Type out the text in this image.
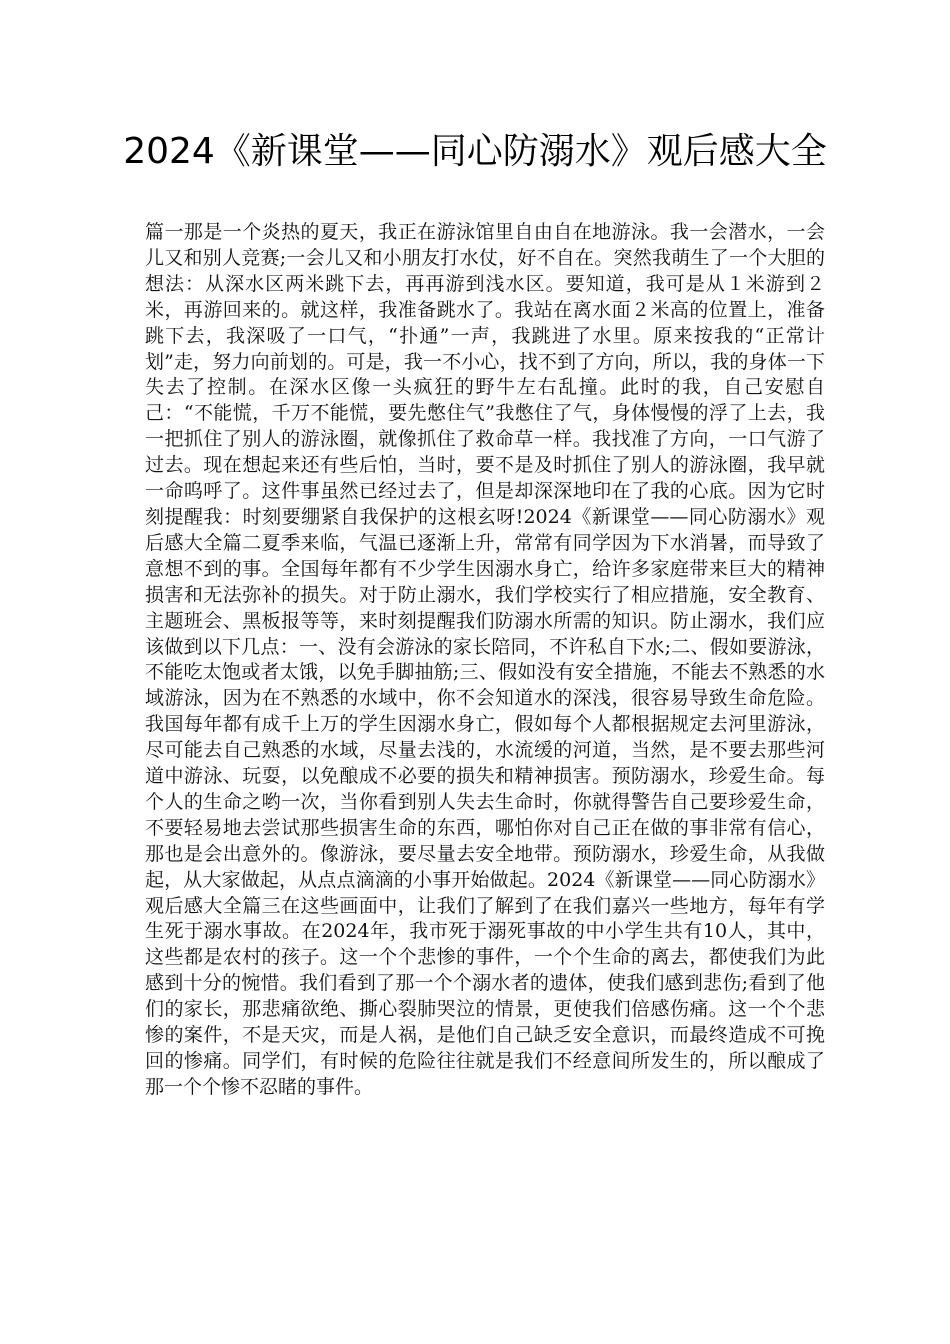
2024《新课堂——同心防溺水》观后感大全

篇一那是一个炎热的夏天，我正在游泳馆里自由自在地游泳。我一会潜水，一会儿又和别人竞赛;一会儿又和小朋友打水仗，好不自在。突然我萌生了一个大胆的想法：从深水区两米跳下去，再再游到浅水区。要知道，我可是从１米游到２米，再游回来的。就这样，我准备跳水了。我站在离水面２米高的位置上，准备跳下去，我深吸了一口气，“扑通”一声，我跳进了水里。原来按我的“正常计划”走，努力向前划的。可是，我一不小心，找不到了方向，所以，我的身体一下失去了控制。在深水区像一头疯狂的野牛左右乱撞。此时的我，自己安慰自己：“不能慌，千万不能慌，要先憋住气”我憋住了气，身体慢慢的浮了上去，我一把抓住了别人的游泳圈，就像抓住了救命草一样。我找准了方向，一口气游了过去。现在想起来还有些后怕，当时，要不是及时抓住了别人的游泳圈，我早就一命呜呼了。这件事虽然已经过去了，但是却深深地印在了我的心底。因为它时刻提醒我：时刻要绷紧自我保护的这根玄呀!2024《新课堂——同心防溺水》观后感大全篇二夏季来临，气温已逐渐上升，常常有同学因为下水消暑，而导致了意想不到的事。全国每年都有不少学生因溺水身亡，给许多家庭带来巨大的精神损害和无法弥补的损失。对于防止溺水，我们学校实行了相应措施，安全教育、主题班会、黑板报等等，来时刻提醒我们防溺水所需的知识。防止溺水，我们应该做到以下几点：一、没有会游泳的家长陪同，不许私自下水;二、假如要游泳，不能吃太饱或者太饿，以免手脚抽筋;三、假如没有安全措施，不能去不熟悉的水域游泳，因为在不熟悉的水域中，你不会知道水的深浅，很容易导致生命危险。我国每年都有成千上万的学生因溺水身亡，假如每个人都根据规定去河里游泳，尽可能去自己熟悉的水域，尽量去浅的，水流缓的河道，当然，是不要去那些河道中游泳、玩耍，以免酿成不必要的损失和精神损害。预防溺水，珍爱生命。每个人的生命之哟一次，当你看到别人失去生命时，你就得警告自己要珍爱生命，不要轻易地去尝试那些损害生命的东西，哪怕你对自己正在做的事非常有信心，那也是会出意外的。像游泳，要尽量去安全地带。预防溺水，珍爱生命，从我做起，从大家做起，从点点滴滴的小事开始做起。2024《新课堂——同心防溺水》观后感大全篇三在这些画面中，让我们了解到了在我们嘉兴一些地方，每年有学生死于溺水事故。在2024年，我市死于溺死事故的中小学生共有10人，其中，这些都是农村的孩子。这一个个悲惨的事件，一个个生命的离去，都使我们为此感到十分的惋惜。我们看到了那一个个溺水者的遗体，使我们感到悲伤;看到了他们的家长，那悲痛欲绝、撕心裂肺哭泣的情景，更使我们倍感伤痛。这一个个悲惨的案件，不是天灾，而是人祸，是他们自己缺乏安全意识，而最终造成不可挽回的惨痛。同学们，有时候的危险往往就是我们不经意间所发生的，所以酿成了那一个个惨不忍睹的事件。
